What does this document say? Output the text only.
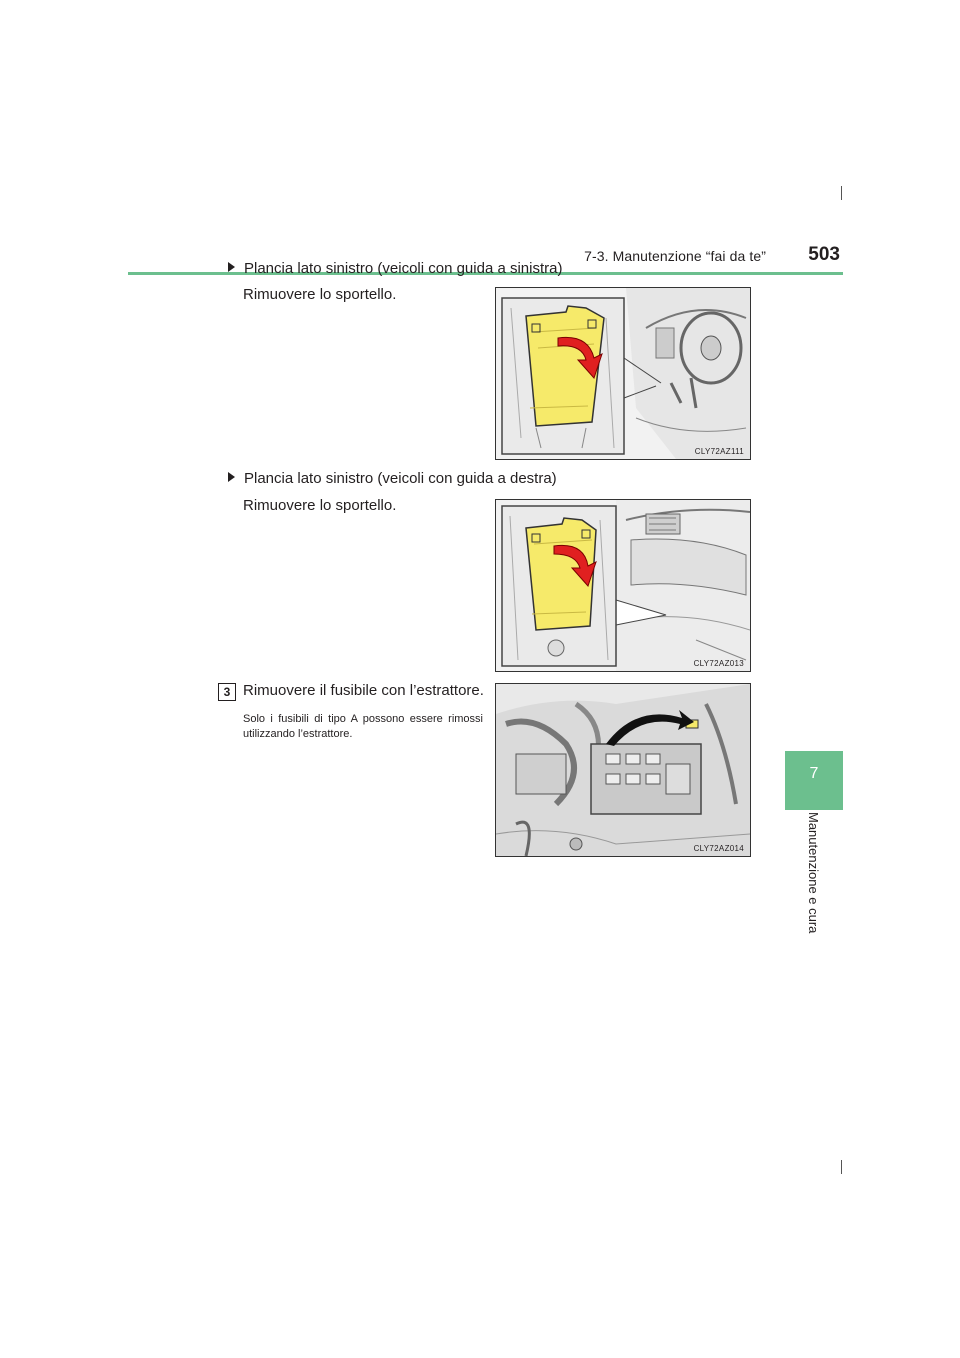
7-3. Manutenzione “fai da te” 503
7
Manutenzione e cura
Plancia lato sinistro (veicoli con guida a sinistra)
Rimuovere lo sportello.
CLY72AZ111
Plancia lato sinistro (veicoli con guida a destra)
Rimuovere lo sportello.
CLY72AZ013
3 Rimuovere il fusibile con l’estrattore.
Solo i fusibili di tipo A possono essere rimossi utilizzando l’estrattore.
CLY72AZ014
